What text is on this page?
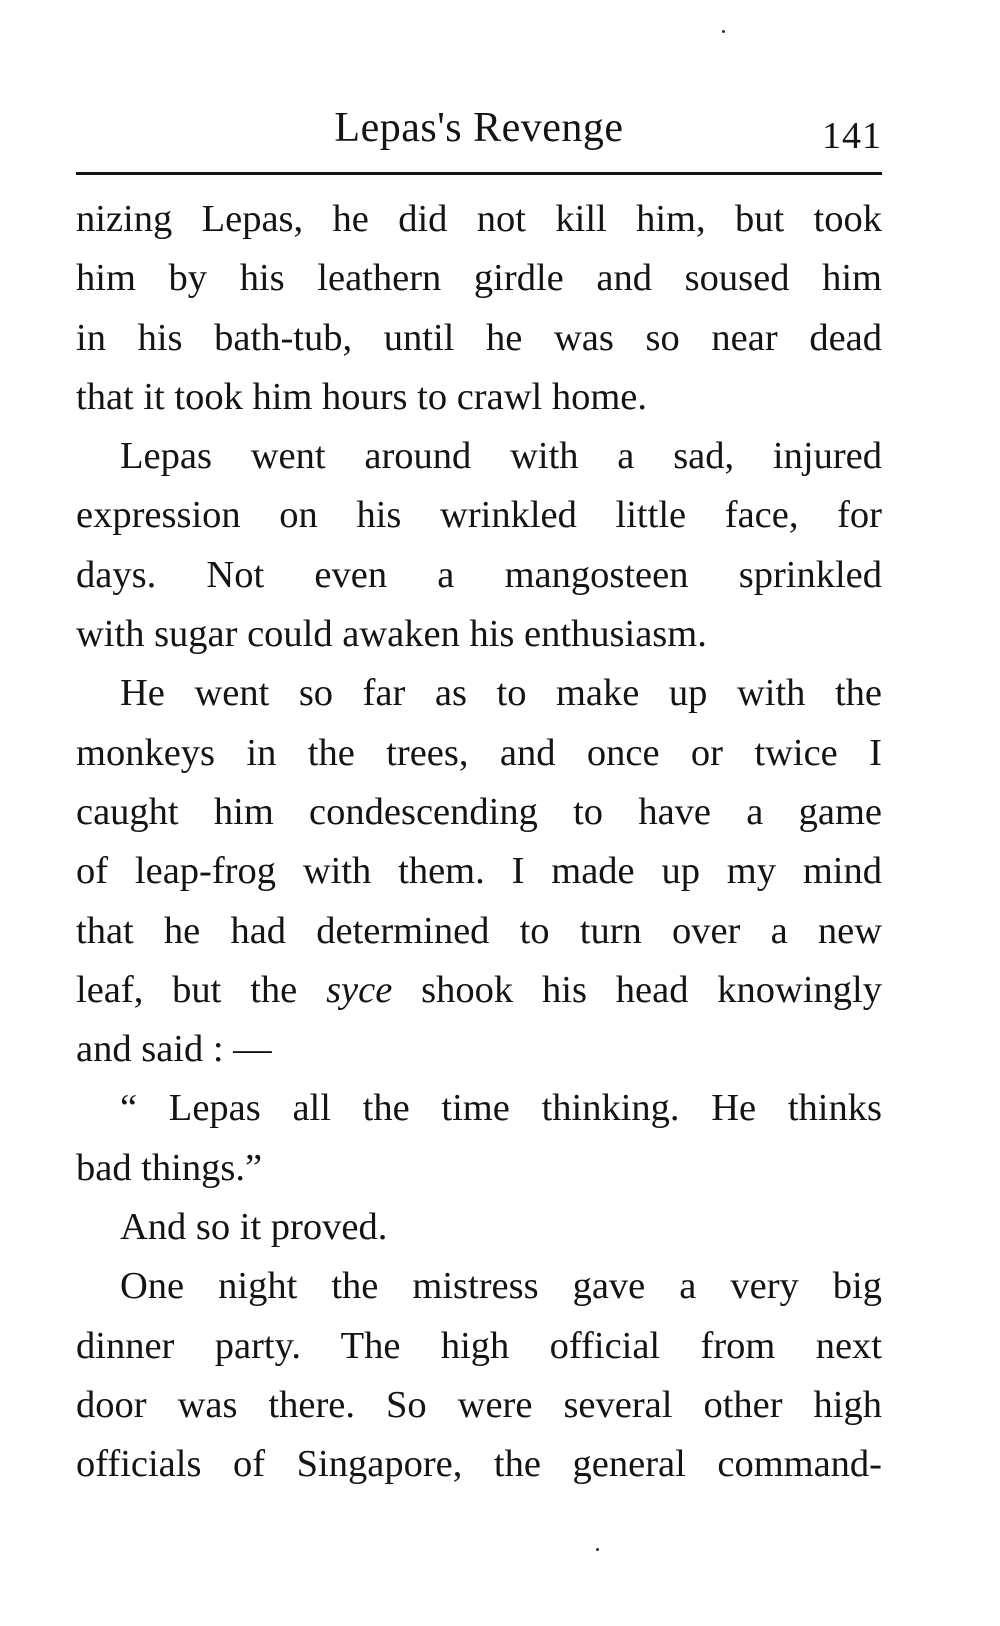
Lepas's Revenge	141
nizing Lepas, he did not kill him, but took
him by his leathern girdle and soused him
in his bath-tub, until he was so near dead
that it took him hours to crawl home.
Lepas went around with a sad, injured
expression on his wrinkled little face, for
days. Not even a mangosteen sprinkled
with sugar could awaken his enthusiasm.
He went so far as to make up with the
monkeys in the trees, and once or twice I
caught him condescending to have a game
of leap-frog with them. I made up my mind
that he had determined to turn over a new
leaf, but the syce shook his head knowingly
and said : —
“ Lepas all the time thinking. He thinks
bad things.”
And so it proved.
One night the mistress gave a very big
dinner party. The high official from next
door was there. So were several other high
officials of Singapore, the general command-
